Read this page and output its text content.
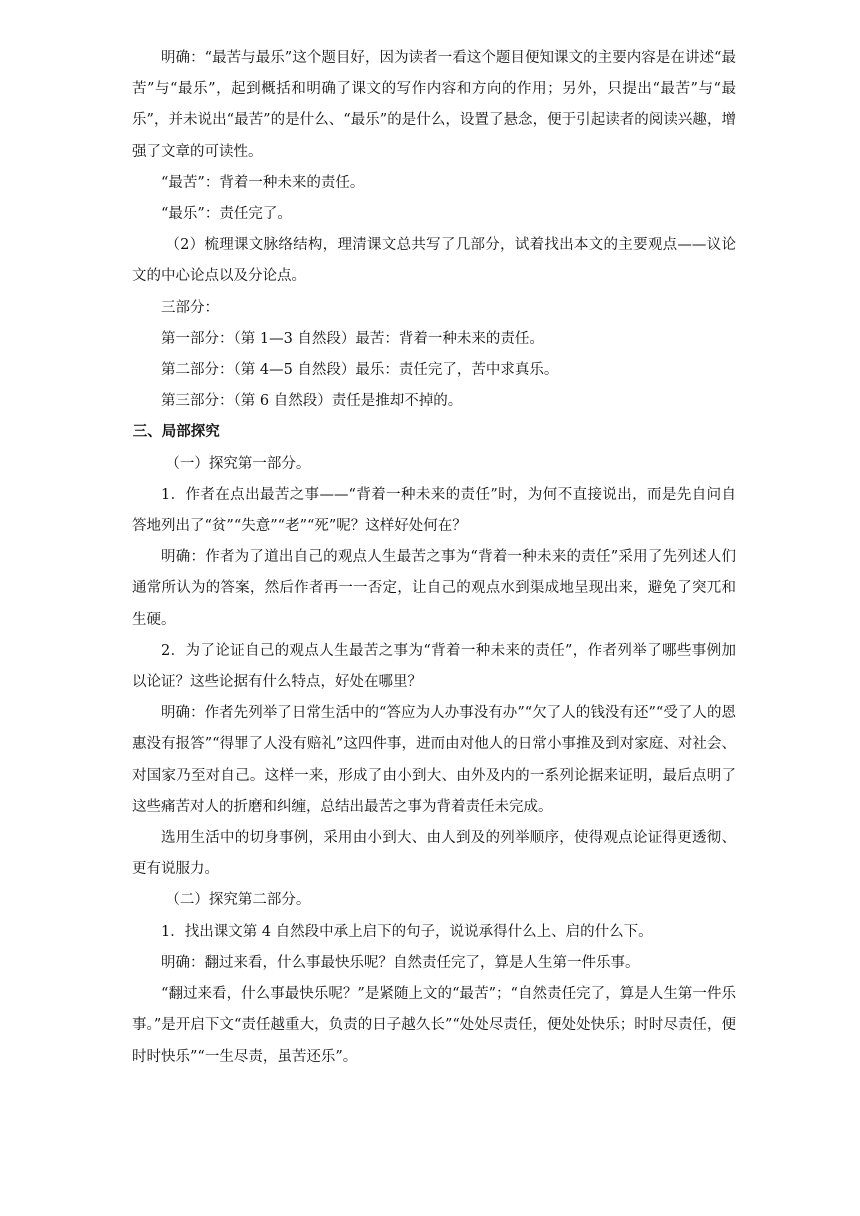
明确：“最苦与最乐”这个题目好，因为读者一看这个题目便知课文的主要内容是在讲述“最苦”与“最乐”，起到概括和明确了课文的写作内容和方向的作用；另外，只提出“最苦”与“最乐”，并未说出“最苦”的是什么、“最乐”的是什么，设置了悬念，便于引起读者的阅读兴趣，增强了文章的可读性。

“最苦”：背着一种未来的责任。

“最乐”：责任完了。

（2）梳理课文脉络结构，理清课文总共写了几部分，试着找出本文的主要观点——议论文的中心论点以及分论点。

三部分：

第一部分：（第 1—3 自然段）最苦：背着一种未来的责任。

第二部分：（第 4—5 自然段）最乐：责任完了，苦中求真乐。

第三部分：（第 6 自然段）责任是推却不掉的。

三、局部探究

（一）探究第一部分。

1．作者在点出最苦之事——“背着一种未来的责任”时，为何不直接说出，而是先自问自答地列出了“贫”“失意”“老”“死”呢？这样好处何在？

明确：作者为了道出自己的观点人生最苦之事为“背着一种未来的责任”采用了先列述人们通常所认为的答案，然后作者再一一否定，让自己的观点水到渠成地呈现出来，避免了突兀和生硬。

2．为了论证自己的观点人生最苦之事为“背着一种未来的责任”，作者列举了哪些事例加以论证？这些论据有什么特点，好处在哪里？

明确：作者先列举了日常生活中的“答应为人办事没有办”“欠了人的钱没有还”“受了人的恩惠没有报答”“得罪了人没有赔礼”这四件事，进而由对他人的日常小事推及到对家庭、对社会、对国家乃至对自己。这样一来，形成了由小到大、由外及内的一系列论据来证明，最后点明了这些痛苦对人的折磨和纠缠，总结出最苦之事为背着责任未完成。

选用生活中的切身事例，采用由小到大、由人到及的列举顺序，使得观点论证得更透彻、更有说服力。

（二）探究第二部分。

1．找出课文第 4 自然段中承上启下的句子，说说承得什么上、启的什么下。

明确：翻过来看，什么事最快乐呢？自然责任完了，算是人生第一件乐事。

“翻过来看，什么事最快乐呢？”是紧随上文的“最苦”；“自然责任完了，算是人生第一件乐事。”是开启下文“责任越重大，负责的日子越久长”“处处尽责任，便处处快乐；时时尽责任，便时时快乐”“一生尽责，虽苦还乐”。
